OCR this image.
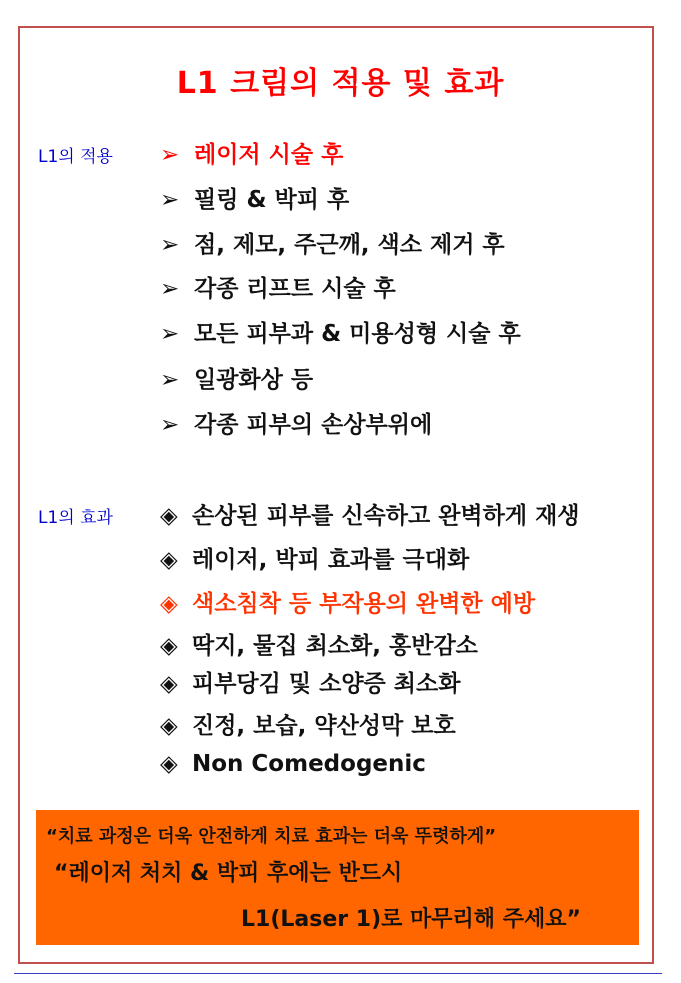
L1 크림의 적용 및 효과
L1의 적용 ➢ 레이저 시술 후
➢ 필링 & 박피 후
➢ 점, 제모, 주근깨, 색소 제거 후
➢ 각종 리프트 시술 후
➢ 모든 피부과 & 미용성형 시술 후
➢ 일광화상 등
➢ 각종 피부의 손상부위에
L1의 효과 ◈ 손상된 피부를 신속하고 완벽하게 재생
◈ 레이저, 박피 효과를 극대화
◈ 색소침착 등 부작용의 완벽한 예방
◈ 딱지, 물집 최소화, 홍반감소
◈ 피부당김 및 소양증 최소화
◈ 진정, 보습, 약산성막 보호
◈ Non Comedogenic
“치료 과정은 더욱 안전하게 치료 효과는 더욱 뚜렷하게”
“레이저 처치 & 박피 후에는 반드시
L1(Laser 1)로 마무리해 주세요”
